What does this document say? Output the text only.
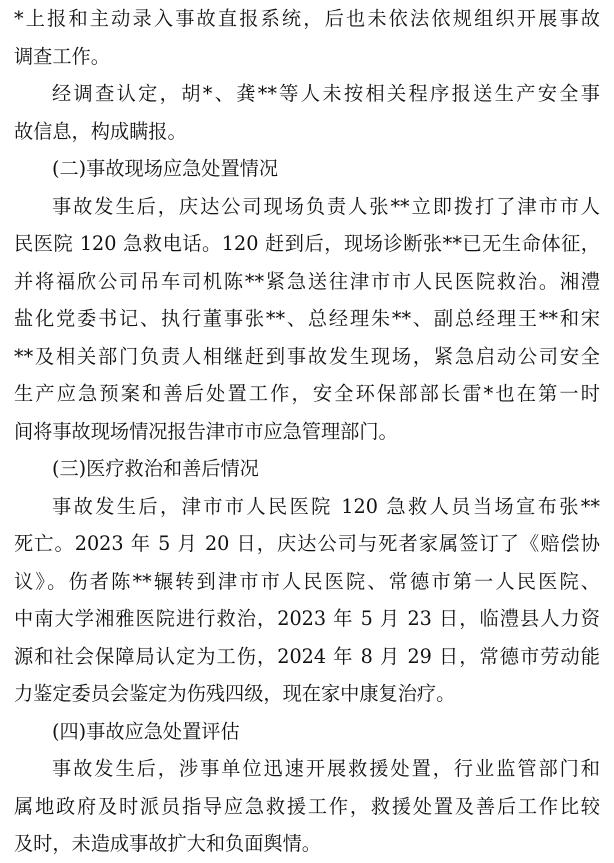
*上报和主动录入事故直报系统，后也未依法依规组织开展事故
调查工作。
经调查认定，胡*、龚**等人未按相关程序报送生产安全事
故信息，构成瞒报。
(二)事故现场应急处置情况
事故发生后，庆达公司现场负责人张**立即拨打了津市市人
民医院 120 急救电话。120 赶到后，现场诊断张**已无生命体征，
并将福欣公司吊车司机陈**紧急送往津市市人民医院救治。湘澧
盐化党委书记、执行董事张**、总经理朱**、副总经理王**和宋
**及相关部门负责人相继赶到事故发生现场，紧急启动公司安全
生产应急预案和善后处置工作，安全环保部部长雷*也在第一时
间将事故现场情况报告津市市应急管理部门。
(三)医疗救治和善后情况
事故发生后，津市市人民医院 120 急救人员当场宣布张**
死亡。2023 年 5 月 20 日，庆达公司与死者家属签订了《赔偿协
议》。伤者陈**辗转到津市市人民医院、常德市第一人民医院、
中南大学湘雅医院进行救治，2023 年 5 月 23 日，临澧县人力资
源和社会保障局认定为工伤，2024 年 8 月 29 日，常德市劳动能
力鉴定委员会鉴定为伤残四级，现在家中康复治疗。
(四)事故应急处置评估
事故发生后，涉事单位迅速开展救援处置，行业监管部门和
属地政府及时派员指导应急救援工作，救援处置及善后工作比较
及时，未造成事故扩大和负面舆情。
